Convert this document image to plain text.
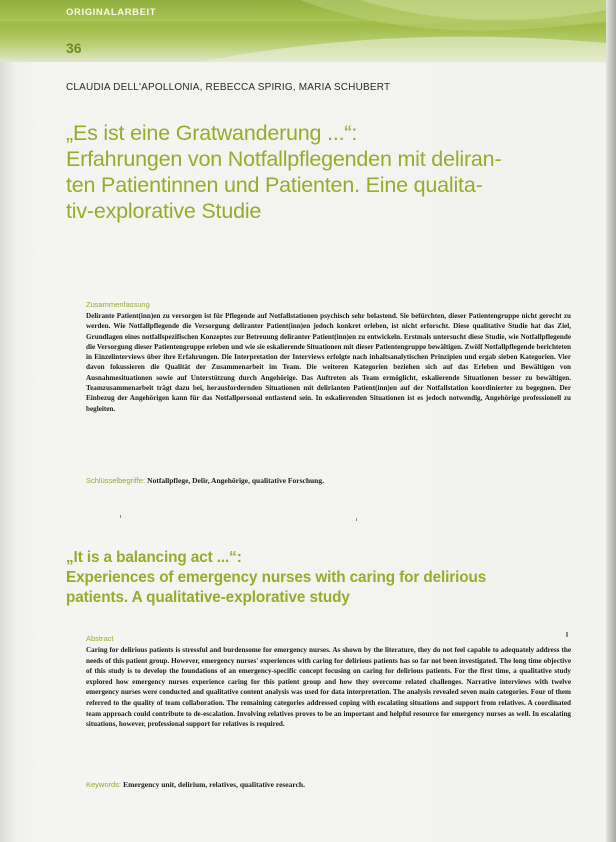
ORIGINALARBEIT
36
CLAUDIA DELL'APOLLONIA, REBECCA SPIRIG, MARIA SCHUBERT
„Es ist eine Gratwanderung ...“:
Erfahrungen von Notfallpflegenden mit deliran-
ten Patientinnen und Patienten. Eine qualita-
tiv-explorative Studie
Zusammenfassung

Delirante Patient(inn)en zu versorgen ist für Pflegende auf Notfallstationen psychisch sehr belastend. Sie befürchten, dieser Patientengruppe nicht gerecht zu werden. Wie Notfallpflegende die Versorgung deliranter Patient(inn)en jedoch konkret erleben, ist nicht erforscht. Diese qualitative Studie hat das Ziel, Grundlagen eines notfallspezifischen Konzeptes zur Betreuung deliranter Patient(inn)en zu entwickeln. Erstmals untersucht diese Studie, wie Notfallpflegende die Versorgung dieser Patientengruppe erleben und wie sie eskalierende Situationen mit dieser Patientengruppe bewältigen. Zwölf Notfallpflegende berichteten in Einzelinterviews über ihre Erfahrungen. Die Interpretation der Interviews erfolgte nach inhaltsanalytischen Prinzipien und ergab sieben Kategorien. Vier davon fokussieren die Qualität der Zusammenarbeit im Team. Die weiteren Kategorien beziehen sich auf das Erleben und Bewältigen von Ausnahmesituationen sowie auf Unterstützung durch Angehörige. Das Auftreten als Team ermöglicht, eskalierende Situationen besser zu bewältigen. Teamzusammenarbeit trägt dazu bei, herausfordernden Situationen mit delirianten Patient(inn)en auf der Notfallstation koordinierter zu begegnen. Der Einbezug der Angehörigen kann für das Notfallpersonal entlastend sein. In eskalierenden Situationen ist es jedoch notwendig, Angehörige professionell zu begleiten.

Schlüsselbegriffe: Notfallpflege, Delir, Angehörige, qualitative Forschung.
„It is a balancing act ...“:
Experiences of emergency nurses with caring for delirious
patients. A qualitative-explorative study
Abstract

Caring for delirious patients is stressful and burdensome for emergency nurses. As shown by the literature, they do not feel capable to adequately address the needs of this patient group. However, emergency nurses' experiences with caring for delirious patients has so far not been investigated. The long time objective of this study is to develop the foundations of an emergency-specific concept focusing on caring for delirious patients. For the first time, a qualitative study explored how emergency nurses experience caring for this patient group and how they overcome related challenges. Narrative interviews with twelve emergency nurses were conducted and qualitative content analysis was used for data interpretation. The analysis revealed seven main categories. Four of them referred to the quality of team collaboration. The remaining categories addressed coping with escalating situations and support from relatives. A coordinated team approach could contribute to de-escalation. Involving relatives proves to be an important and helpful resource for emergency nurses as well. In escalating situations, however, professional support for relatives is required.

Keywords: Emergency unit, delirium, relatives, qualitative research.
